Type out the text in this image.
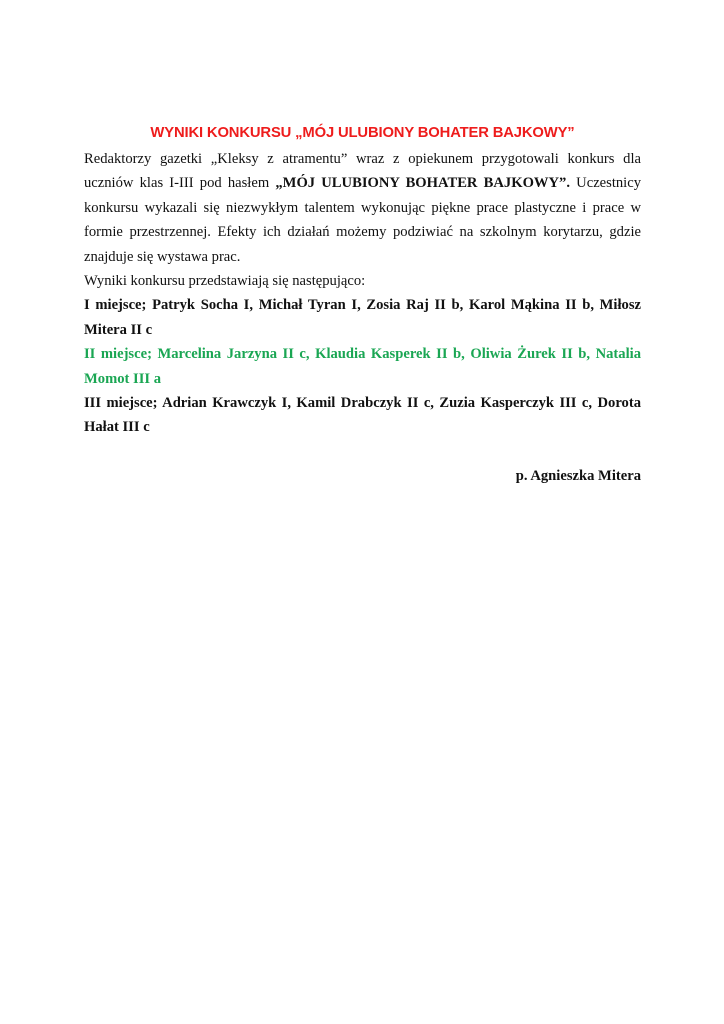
WYNIKI KONKURSU „MÓJ ULUBIONY BOHATER BAJKOWY”

Redaktorzy gazetki „Kleksy z atramentu” wraz z opiekunem przygotowali konkurs dla uczniów klas I-III pod hasłem „MÓJ ULUBIONY BOHATER BAJKOWY”. Uczestnicy konkursu wykazali się niezwykłym talentem wykonując piękne prace plastyczne i prace w formie przestrzennej. Efekty ich działań możemy podziwiać na szkolnym korytarzu, gdzie znajduje się wystawa prac.

Wyniki konkursu przedstawiają się następująco:

I miejsce; Patryk Socha I, Michał Tyran I, Zosia Raj II b, Karol Mąkina II b, Miłosz Mitera II c

II miejsce; Marcelina Jarzyna II c, Klaudia Kasperek II b, Oliwia Żurek II b, Natalia Momot III a

III miejsce; Adrian Krawczyk I, Kamil Drabczyk II c, Zuzia Kasperczyk III c, Dorota Hałat III c

p. Agnieszka Mitera
